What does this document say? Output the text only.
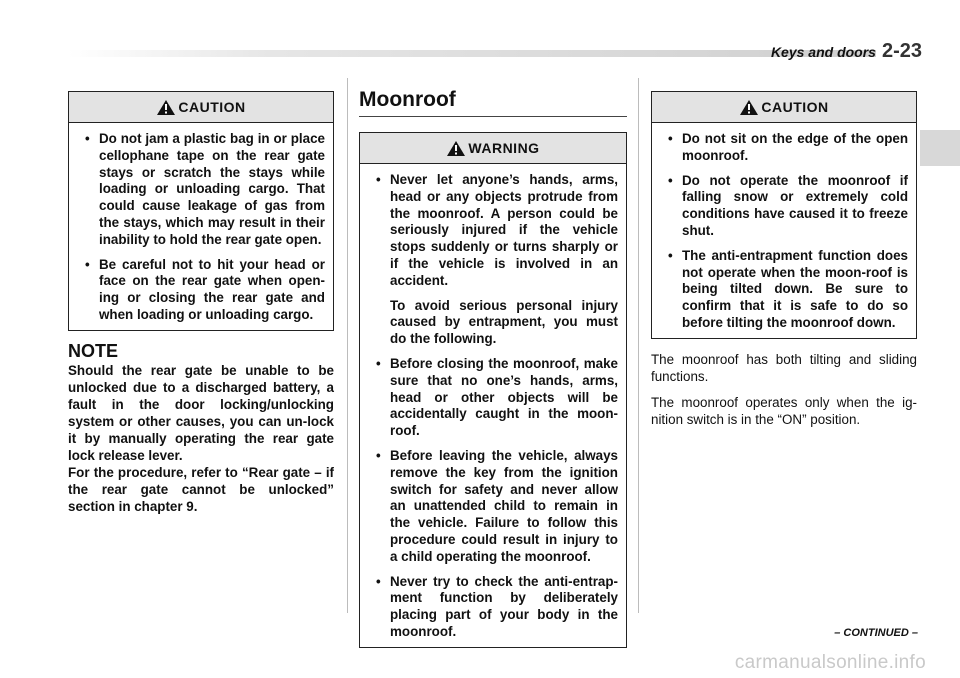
Keys and doors 2-23
CAUTION
• Do not jam a plastic bag in or place cellophane tape on the rear gate stays or scratch the stays while loading or unloading cargo. That could cause leakage of gas from the stays, which may result in their inability to hold the rear gate open.
• Be careful not to hit your head or face on the rear gate when open-ing or closing the rear gate and when loading or unloading cargo.

NOTE

Should the rear gate be unable to be unlocked due to a discharged battery, a fault in the door locking/unlocking system or other causes, you can un-lock it by manually operating the rear gate lock release lever.

For the procedure, refer to “Rear gate – if the rear gate cannot be unlocked” section in chapter 9.

Moonroof

WARNING
• Never let anyone’s hands, arms, head or any objects protrude from the moonroof. A person could be seriously injured if the vehicle stops suddenly or turns sharply or if the vehicle is involved in an accident.

To avoid serious personal injury caused by entrapment, you must do the following.

• Before closing the moonroof, make sure that no one’s hands, arms, head or other objects will be accidentally caught in the moon-roof.

• Before leaving the vehicle, always remove the key from the ignition switch for safety and never allow an unattended child to remain in the vehicle. Failure to follow this procedure could result in injury to a child operating the moonroof.

• Never try to check the anti-entrap-ment function by deliberately placing part of your body in the moonroof.

CAUTION
• Do not sit on the edge of the open moonroof.
• Do not operate the moonroof if falling snow or extremely cold conditions have caused it to freeze shut.
• The anti-entrapment function does not operate when the moon-roof is being tilted down. Be sure to confirm that it is safe to do so before tilting the moonroof down.

The moonroof has both tilting and sliding functions.

The moonroof operates only when the ig-nition switch is in the “ON” position.

– CONTINUED –
carmanualsonline.info
